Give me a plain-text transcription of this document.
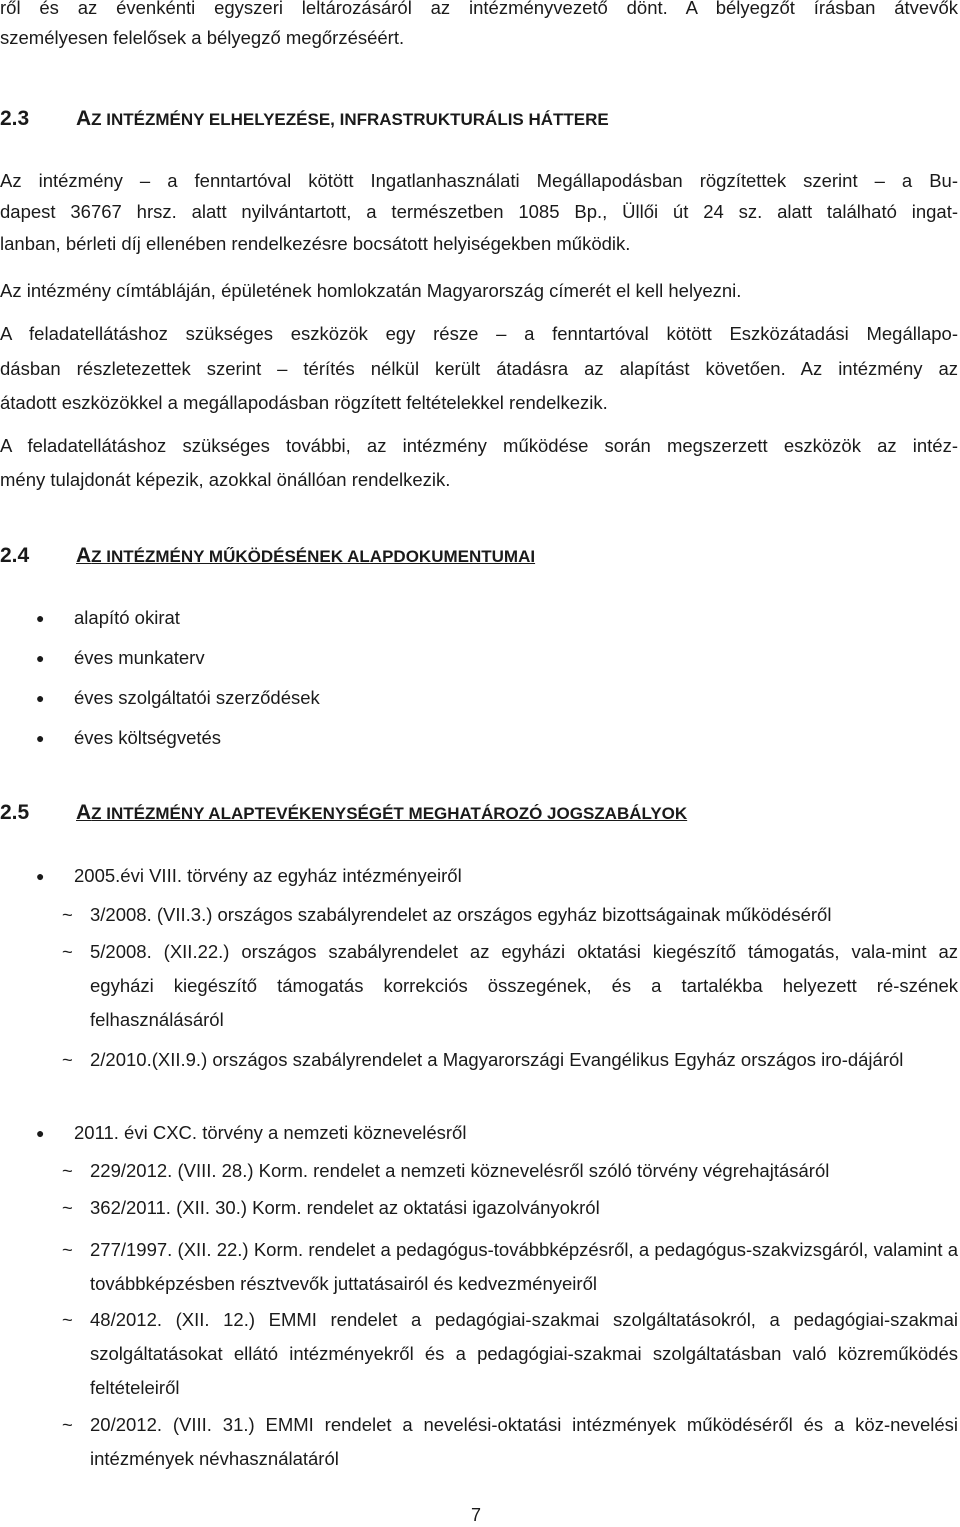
ről és az évenkénti egyszeri leltározásáról az intézményvezető dönt. A bélyegzőt írásban átvevők
személyesen felelősek a bélyegző megőrzéséért.
2.3 AZ INTÉZMÉNY ELHELYEZÉSE, INFRASTRUKTURÁLIS HÁTTERE
Az intézmény – a fenntartóval kötött Ingatlanhasználati Megállapodásban rögzítettek szerint – a Bu-
dapest 36767 hrsz. alatt nyilvántartott, a természetben 1085 Bp., Üllői út 24 sz. alatt található ingat-
lanban, bérleti díj ellenében rendelkezésre bocsátott helyiségekben működik.
Az intézmény címtábláján, épületének homlokzatán Magyarország címerét el kell helyezni.
A feladatellátáshoz szükséges eszközök egy része – a fenntartóval kötött Eszközátadási Megállapo-
dásban részletezettek szerint – térítés nélkül került átadásra az alapítást követően. Az intézmény az
átadott eszközökkel a megállapodásban rögzített feltételekkel rendelkezik.
A feladatellátáshoz szükséges további, az intézmény működése során megszerzett eszközök az intéz-
mény tulajdonát képezik, azokkal önállóan rendelkezik.
2.4 AZ INTÉZMÉNY MŰKÖDÉSÉNEK ALAPDOKUMENTUMAI
● alapító okirat
● éves munkaterv
● éves szolgáltatói szerződések
● éves költségvetés
2.5 AZ INTÉZMÉNY ALAPTEVÉKENYSÉGÉT MEGHATÁROZÓ JOGSZABÁLYOK
● 2005.évi VIII. törvény az egyház intézményeiről
~ 3/2008. (VII.3.) országos szabályrendelet az országos egyház bizottságainak működéséről
~ 5/2008. (XII.22.) országos szabályrendelet az egyházi oktatási kiegészítő támogatás, vala-mint az egyházi kiegészítő támogatás korrekciós összegének, és a tartalékba helyezett ré-szének felhasználásáról
~ 2/2010.(XII.9.) országos szabályrendelet a Magyarországi Evangélikus Egyház országos iro-dájáról
● 2011. évi CXC. törvény a nemzeti köznevelésről
~ 229/2012. (VIII. 28.) Korm. rendelet a nemzeti köznevelésről szóló törvény végrehajtásáról
~ 362/2011. (XII. 30.) Korm. rendelet az oktatási igazolványokról
~ 277/1997. (XII. 22.) Korm. rendelet a pedagógus-továbbképzésről, a pedagógus-szakvizsgáról, valamint a továbbképzésben résztvevők juttatásairól és kedvezményeiről
~ 48/2012. (XII. 12.) EMMI rendelet a pedagógiai-szakmai szolgáltatásokról, a pedagógiai-szakmai szolgáltatásokat ellátó intézményekről és a pedagógiai-szakmai szolgáltatásban való közreműködés feltételeiről
~ 20/2012. (VIII. 31.) EMMI rendelet a nevelési-oktatási intézmények működéséről és a köz-nevelési intézmények névhasználatáról
7
